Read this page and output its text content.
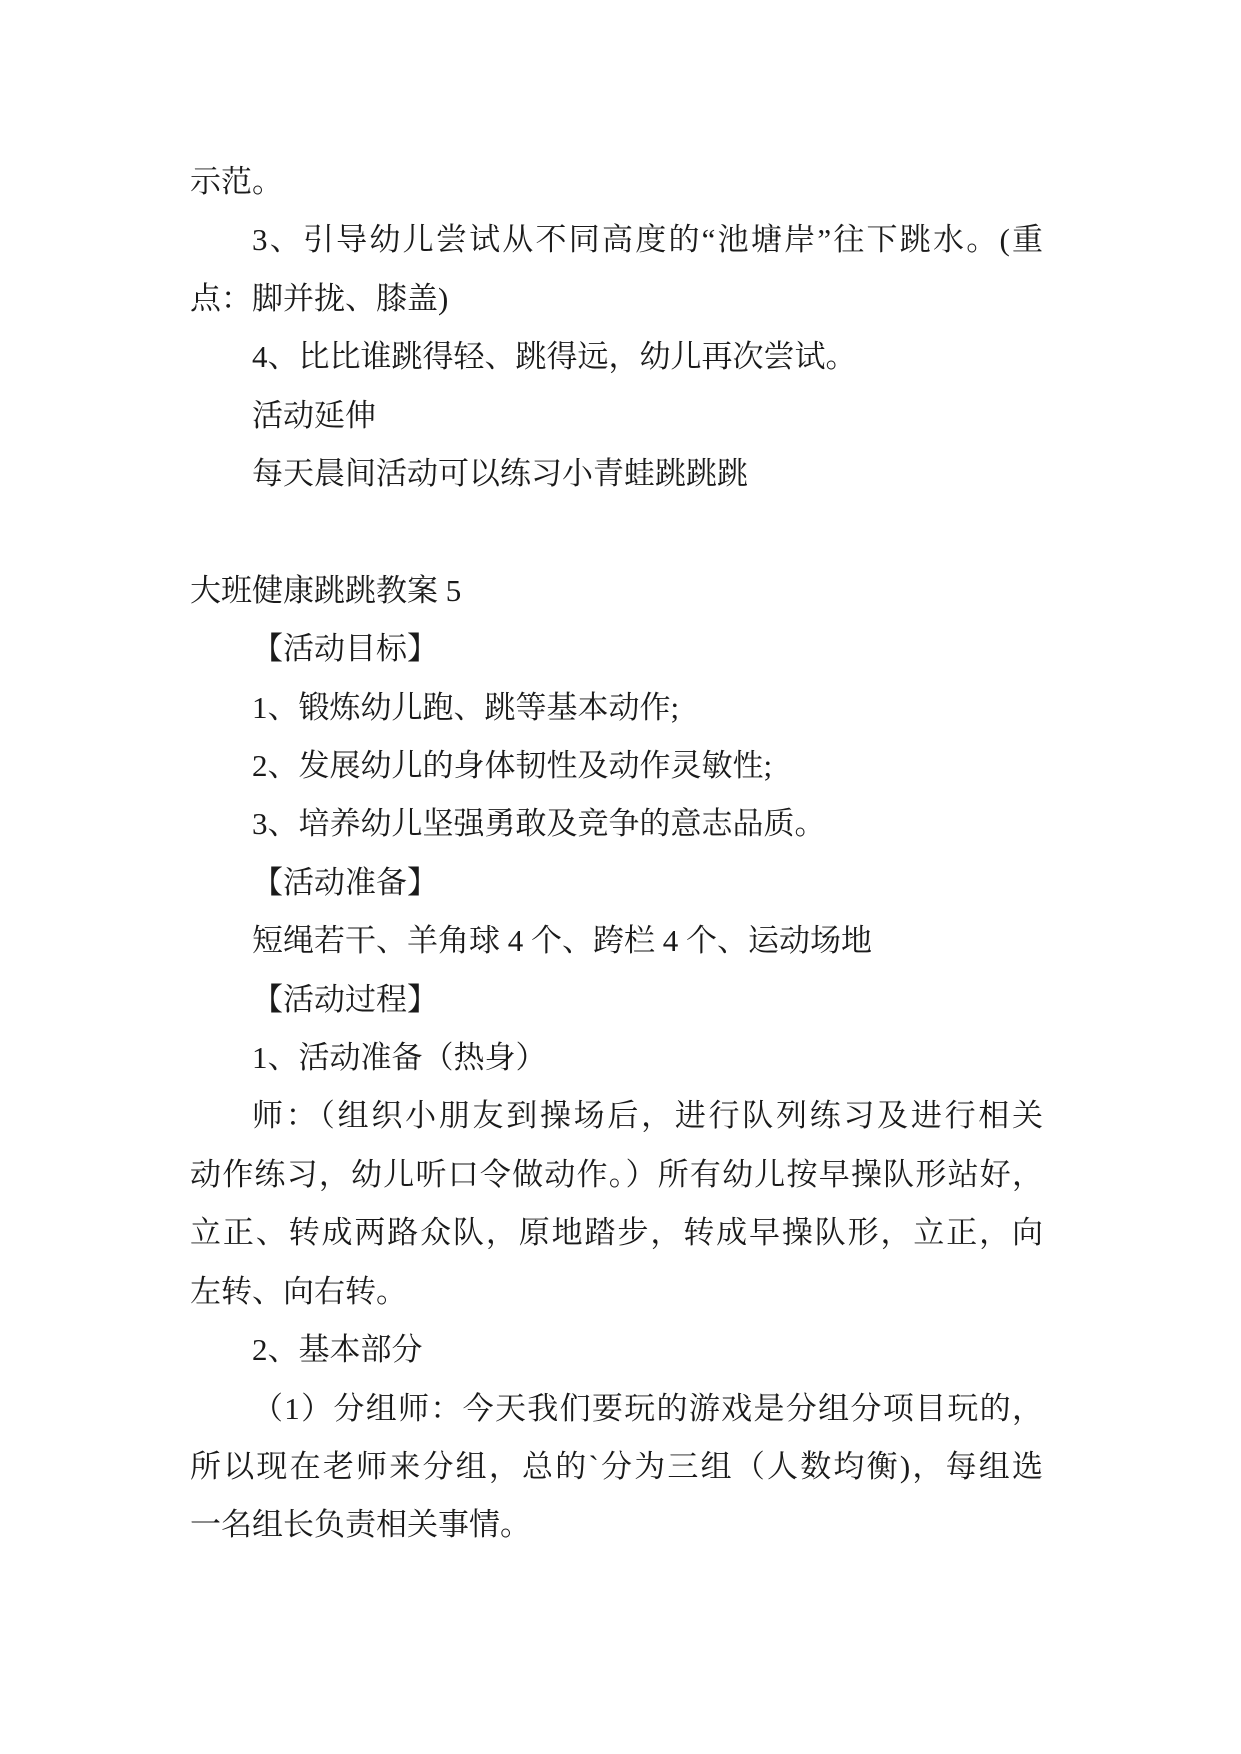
示范。
3、引导幼儿尝试从不同高度的“池塘岸”往下跳水。(重
点：脚并拢、膝盖)
4、比比谁跳得轻、跳得远，幼儿再次尝试。
活动延伸
每天晨间活动可以练习小青蛙跳跳跳
大班健康跳跳教案 5
【活动目标】
1、锻炼幼儿跑、跳等基本动作;
2、发展幼儿的身体韧性及动作灵敏性;
3、培养幼儿坚强勇敢及竞争的意志品质。
【活动准备】
短绳若干、羊角球 4 个、跨栏 4 个、运动场地
【活动过程】
1、活动准备（热身）
师：（组织小朋友到操场后，进行队列练习及进行相关
动作练习，幼儿听口令做动作。）所有幼儿按早操队形站好，
立正、转成两路众队，原地踏步，转成早操队形，立正，向
左转、向右转。
2、基本部分
（1）分组师：今天我们要玩的游戏是分组分项目玩的，
所以现在老师来分组，总的`分为三组（人数均衡)，每组选
一名组长负责相关事情。
